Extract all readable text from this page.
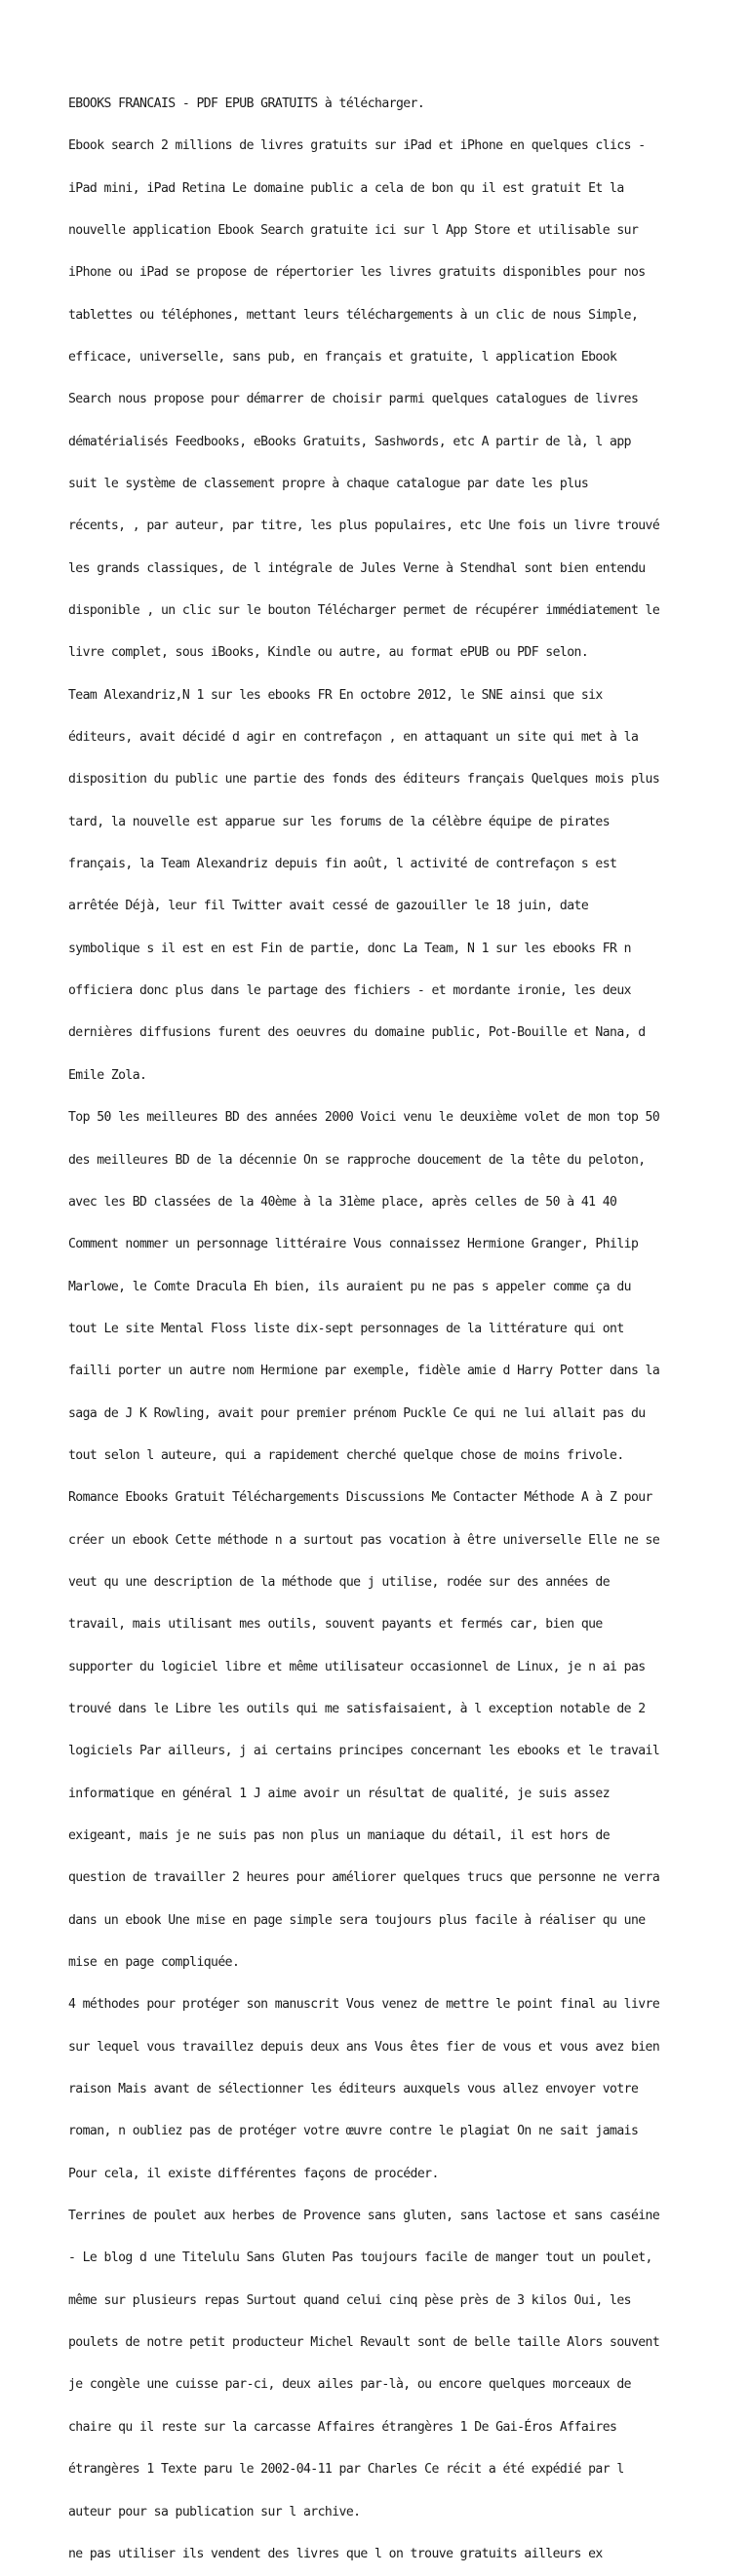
EBOOKS FRANCAIS - PDF EPUB GRATUITS à télécharger.

Ebook search 2 millions de livres gratuits sur iPad et iPhone en quelques clics -

iPad mini, iPad Retina Le domaine public a cela de bon qu il est gratuit Et la

nouvelle application Ebook Search gratuite ici sur l App Store et utilisable sur

iPhone ou iPad se propose de répertorier les livres gratuits disponibles pour nos

tablettes ou téléphones, mettant leurs téléchargements à un clic de nous Simple,

efficace, universelle, sans pub, en français et gratuite, l application Ebook

Search nous propose pour démarrer de choisir parmi quelques catalogues de livres

dématérialisés Feedbooks, eBooks Gratuits, Sashwords, etc A partir de là, l app

suit le système de classement propre à chaque catalogue par date les plus

récents, , par auteur, par titre, les plus populaires, etc Une fois un livre trouvé

les grands classiques, de l intégrale de Jules Verne à Stendhal sont bien entendu

disponible , un clic sur le bouton Télécharger permet de récupérer immédiatement le

livre complet, sous iBooks, Kindle ou autre, au format ePUB ou PDF selon.

Team Alexandriz,N 1 sur les ebooks FR En octobre 2012, le SNE ainsi que six

éditeurs, avait décidé d agir en contrefaçon , en attaquant un site qui met à la

disposition du public une partie des fonds des éditeurs français Quelques mois plus

tard, la nouvelle est apparue sur les forums de la célèbre équipe de pirates

français, la Team Alexandriz depuis fin août, l activité de contrefaçon s est

arrêtée Déjà, leur fil Twitter avait cessé de gazouiller le 18 juin, date

symbolique s il est en est Fin de partie, donc La Team, N 1 sur les ebooks FR n

officiera donc plus dans le partage des fichiers - et mordante ironie, les deux

dernières diffusions furent des oeuvres du domaine public, Pot-Bouille et Nana, d

Emile Zola.

Top 50 les meilleures BD des années 2000 Voici venu le deuxième volet de mon top 50

des meilleures BD de la décennie On se rapproche doucement de la tête du peloton,

avec les BD classées de la 40ème à la 31ème place, après celles de 50 à 41 40

Comment nommer un personnage littéraire Vous connaissez Hermione Granger, Philip

Marlowe, le Comte Dracula Eh bien, ils auraient pu ne pas s appeler comme ça du

tout Le site Mental Floss liste dix-sept personnages de la littérature qui ont

failli porter un autre nom Hermione par exemple, fidèle amie d Harry Potter dans la

saga de J K Rowling, avait pour premier prénom Puckle Ce qui ne lui allait pas du

tout selon l auteure, qui a rapidement cherché quelque chose de moins frivole.

Romance Ebooks Gratuit Téléchargements Discussions Me Contacter Méthode A à Z pour

créer un ebook Cette méthode n a surtout pas vocation à être universelle Elle ne se

veut qu une description de la méthode que j utilise, rodée sur des années de

travail, mais utilisant mes outils, souvent payants et fermés car, bien que

supporter du logiciel libre et même utilisateur occasionnel de Linux, je n ai pas

trouvé dans le Libre les outils qui me satisfaisaient, à l exception notable de 2

logiciels Par ailleurs, j ai certains principes concernant les ebooks et le travail

informatique en général 1 J aime avoir un résultat de qualité, je suis assez

exigeant, mais je ne suis pas non plus un maniaque du détail, il est hors de

question de travailler 2 heures pour améliorer quelques trucs que personne ne verra

dans un ebook Une mise en page simple sera toujours plus facile à réaliser qu une

mise en page compliquée.

4 méthodes pour protéger son manuscrit Vous venez de mettre le point final au livre

sur lequel vous travaillez depuis deux ans Vous êtes fier de vous et vous avez bien

raison Mais avant de sélectionner les éditeurs auxquels vous allez envoyer votre

roman, n oubliez pas de protéger votre œuvre contre le plagiat On ne sait jamais

Pour cela, il existe différentes façons de procéder.

Terrines de poulet aux herbes de Provence sans gluten, sans lactose et sans caséine

- Le blog d une Titelulu Sans Gluten Pas toujours facile de manger tout un poulet,

même sur plusieurs repas Surtout quand celui cinq pèse près de 3 kilos Oui, les

poulets de notre petit producteur Michel Revault sont de belle taille Alors souvent

je congèle une cuisse par-ci, deux ailes par-là, ou encore quelques morceaux de

chaire qu il reste sur la carcasse Affaires étrangères 1 De Gai-Éros Affaires

étrangères 1 Texte paru le 2002-04-11 par Charles Ce récit a été expédié par l

auteur pour sa publication sur l archive.

ne pas utiliser ils vendent des livres que l on trouve gratuits ailleurs ex
